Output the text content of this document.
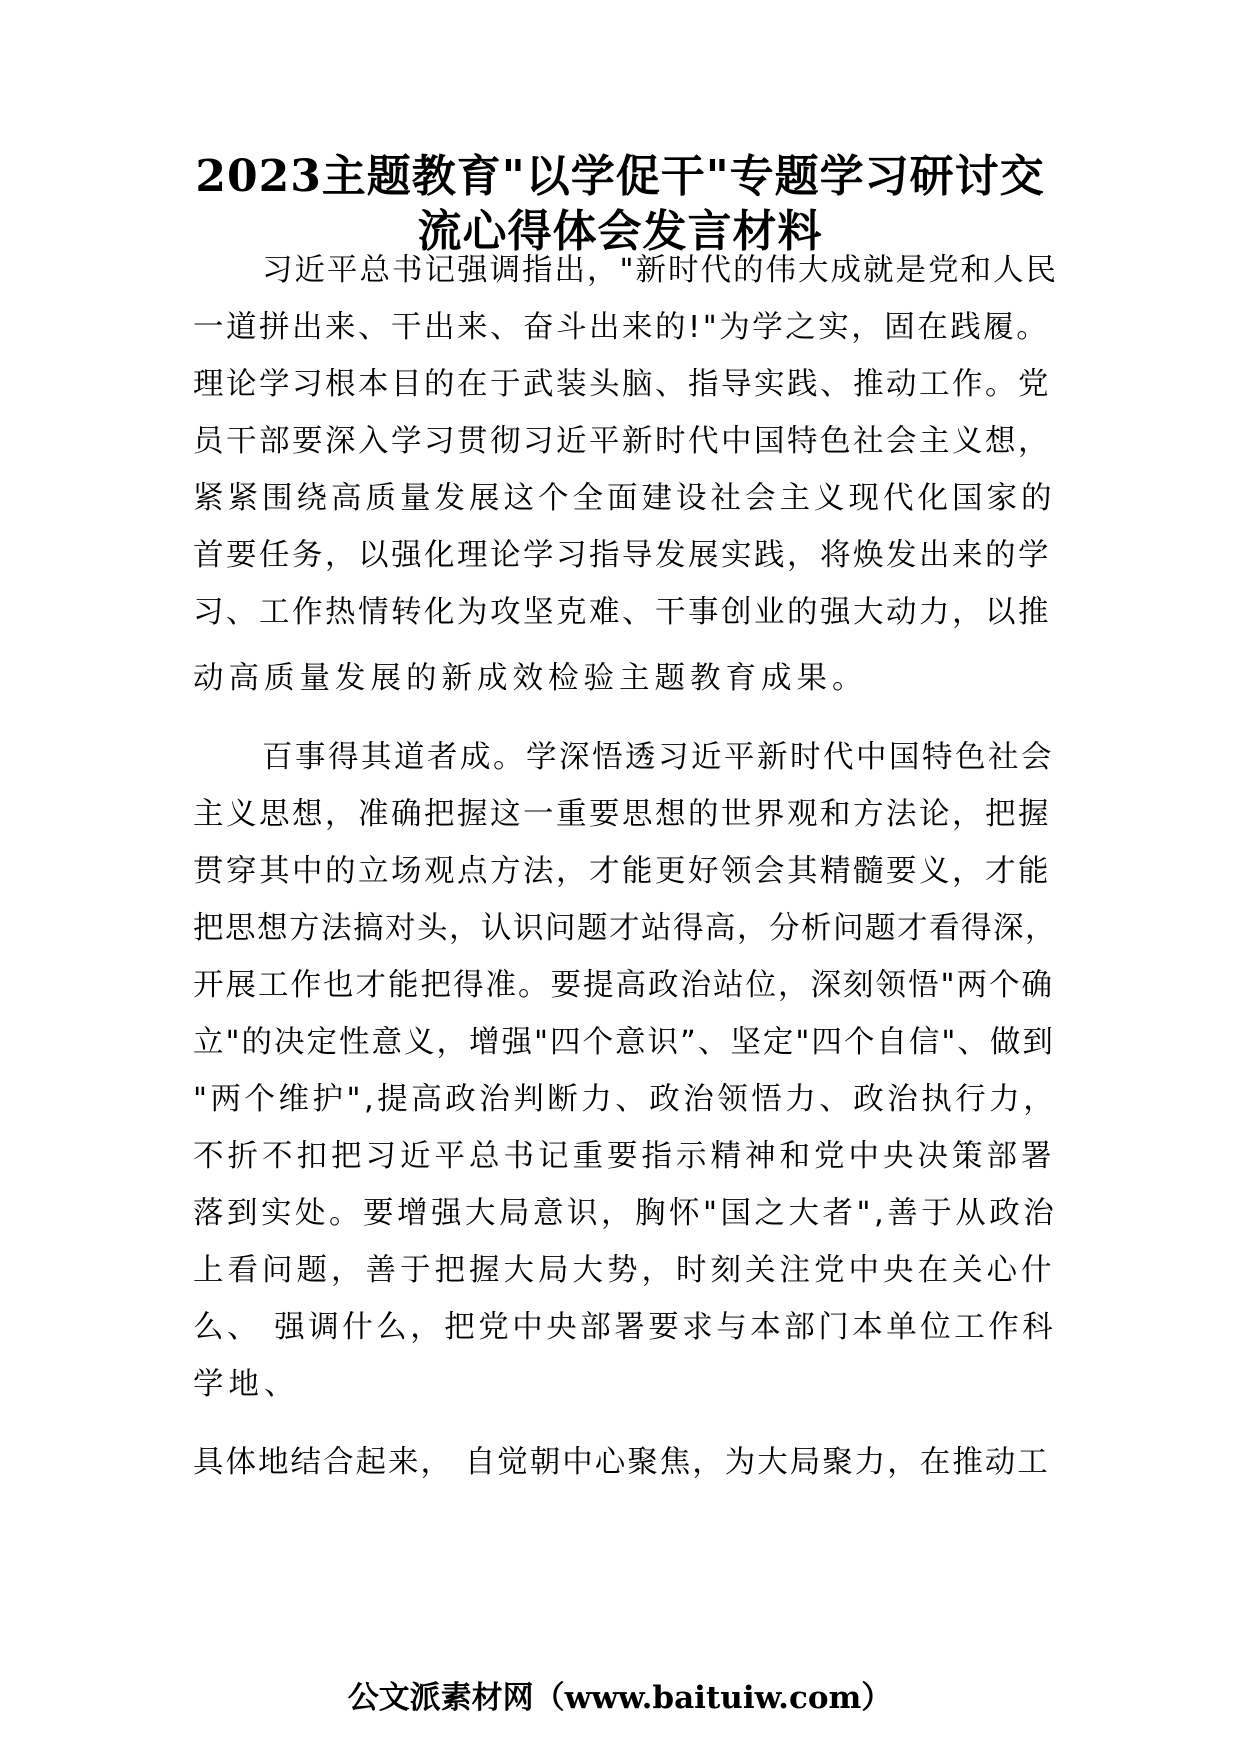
2023主题教育"以学促干"专题学习研讨交
流心得体会发言材料

习近平总书记强调指出，"新时代的伟大成就是党和人民

一道拼出来、干出来、奋斗出来的!"为学之实，固在践履。

理论学习根本目的在于武装头脑、指导实践、推动工作。党

员干部要深入学习贯彻习近平新时代中国特色社会主义想，

紧紧围绕高质量发展这个全面建设社会主义现代化国家的

首要任务，以强化理论学习指导发展实践，将焕发出来的学

习、工作热情转化为攻坚克难、干事创业的强大动力，以推

动高质量发展的新成效检验主题教育成果。

百事得其道者成。学深悟透习近平新时代中国特色社会

主义思想，准确把握这一重要思想的世界观和方法论，把握

贯穿其中的立场观点方法，才能更好领会其精髓要义，才能

把思想方法搞对头，认识问题才站得高，分析问题才看得深，

开展工作也才能把得准。要提高政治站位，深刻领悟"两个确

立"的决定性意义，增强"四个意识”、坚定"四个自信"、做到

"两个维护",提高政治判断力、政治领悟力、政治执行力，

不折不扣把习近平总书记重要指示精神和党中央决策部署

落到实处。要增强大局意识，胸怀"国之大者",善于从政治

上看问题，善于把握大局大势，时刻关注党中央在关心什

么、 强调什么，把党中央部署要求与本部门本单位工作科

学地、

具体地结合起来， 自觉朝中心聚焦，为大局聚力，在推动工

公文派素材网（www.baituiw.com）
